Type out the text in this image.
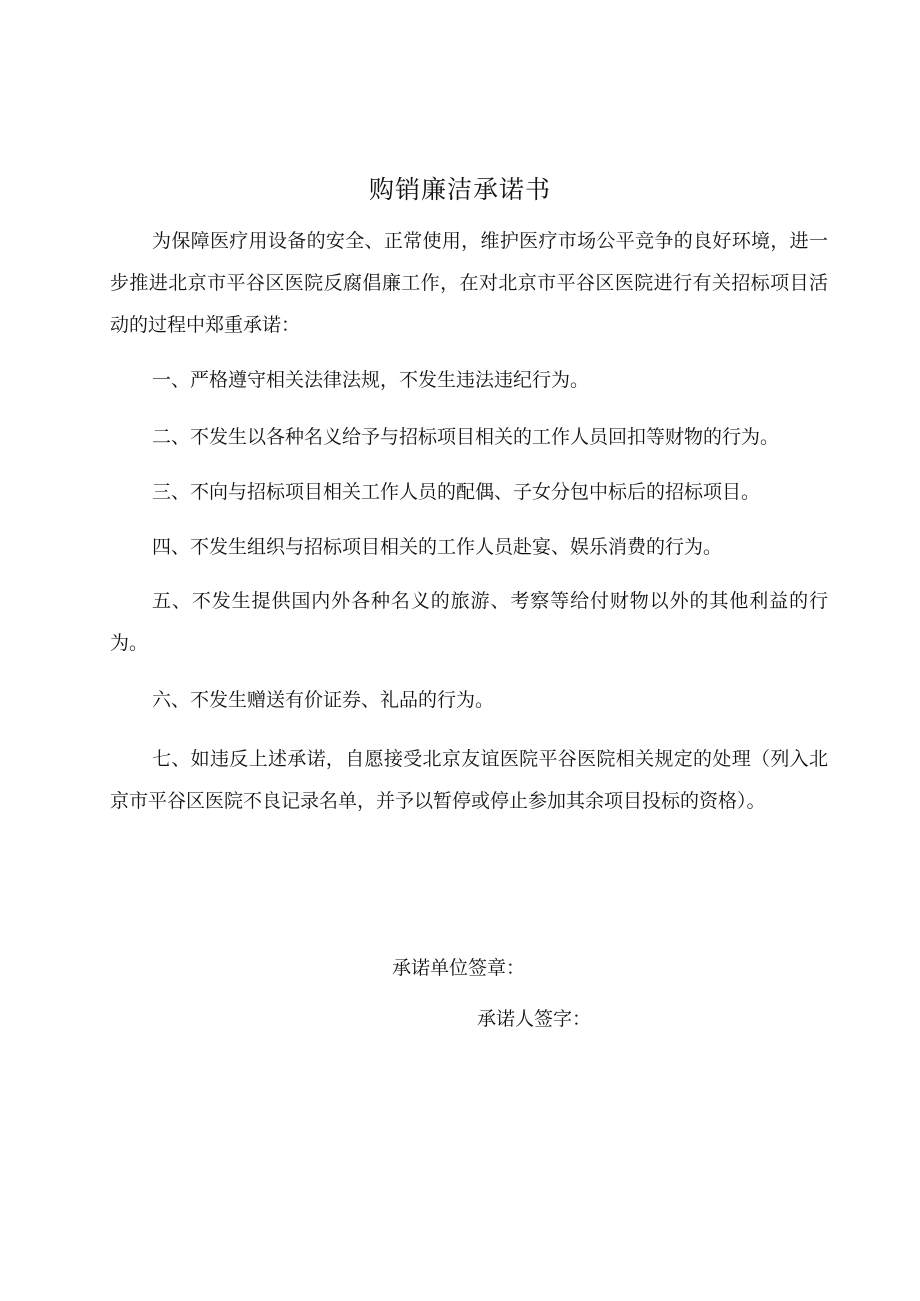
购销廉洁承诺书

为保障医疗用设备的安全、正常使用，维护医疗市场公平竞争的良好环境，进一步推进北京市平谷区医院反腐倡廉工作，在对北京市平谷区医院进行有关招标项目活动的过程中郑重承诺：

一、严格遵守相关法律法规，不发生违法违纪行为。

二、不发生以各种名义给予与招标项目相关的工作人员回扣等财物的行为。

三、不向与招标项目相关工作人员的配偶、子女分包中标后的招标项目。

四、不发生组织与招标项目相关的工作人员赴宴、娱乐消费的行为。

五、不发生提供国内外各种名义的旅游、考察等给付财物以外的其他利益的行为。

六、不发生赠送有价证券、礼品的行为。

七、如违反上述承诺，自愿接受北京友谊医院平谷医院相关规定的处理（列入北京市平谷区医院不良记录名单，并予以暂停或停止参加其余项目投标的资格）。

承诺单位签章：
承诺人签字：
